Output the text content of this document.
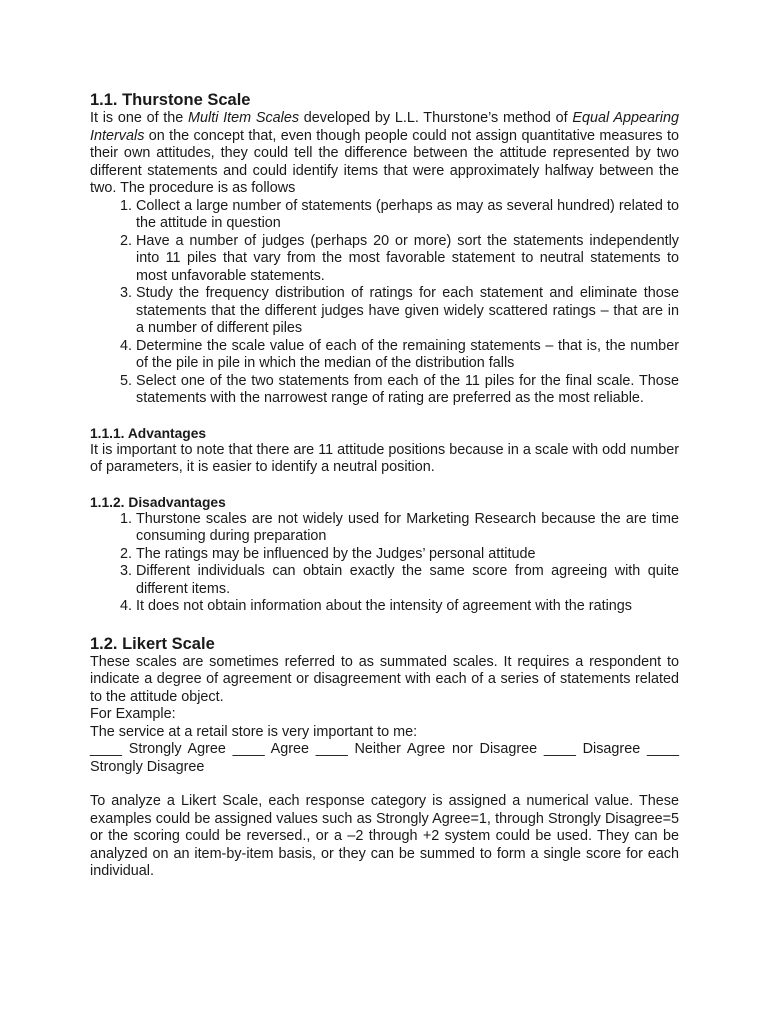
1.1. Thurstone Scale

It is one of the Multi Item Scales developed by L.L. Thurstone’s method of Equal Appearing Intervals on the concept that, even though people could not assign quantitative measures to their own attitudes, they could tell the difference between the attitude represented by two different statements and could identify items that were approximately halfway between the two. The procedure is as follows

1. Collect a large number of statements (perhaps as may as several hundred) related to the attitude in question
2. Have a number of judges (perhaps 20 or more) sort the statements independently into 11 piles that vary from the most favorable statement to neutral statements to most unfavorable statements.
3. Study the frequency distribution of ratings for each statement and eliminate those statements that the different judges have given widely scattered ratings – that are in a number of different piles
4. Determine the scale value of each of the remaining statements – that is, the number of the pile in pile in which the median of the distribution falls
5. Select one of the two statements from each of the 11 piles for the final scale. Those statements with the narrowest range of rating are preferred as the most reliable.
1.1.1. Advantages

It is important to note that there are 11 attitude positions because in a scale with odd number of parameters, it is easier to identify a neutral position.

1.1.2. Disadvantages
1. Thurstone scales are not widely used for Marketing Research because the are time consuming during preparation
2. The ratings may be influenced by the Judges’ personal attitude
3. Different individuals can obtain exactly the same score from agreeing with quite different items.
4. It does not obtain information about the intensity of agreement with the ratings
1.2. Likert Scale

These scales are sometimes referred to as summated scales. It requires a respondent to indicate a degree of agreement or disagreement with each of a series of statements related to the attitude object.

For Example:

The service at a retail store is very important to me:

____ Strongly Agree ____ Agree ____ Neither Agree nor Disagree ____ Disagree ____ Strongly Disagree

To analyze a Likert Scale, each response category is assigned a numerical value. These examples could be assigned values such as Strongly Agree=1, through Strongly Disagree=5 or the scoring could be reversed., or a –2 through +2 system could be used. They can be analyzed on an item-by-item basis, or they can be summed to form a single score for each individual.
